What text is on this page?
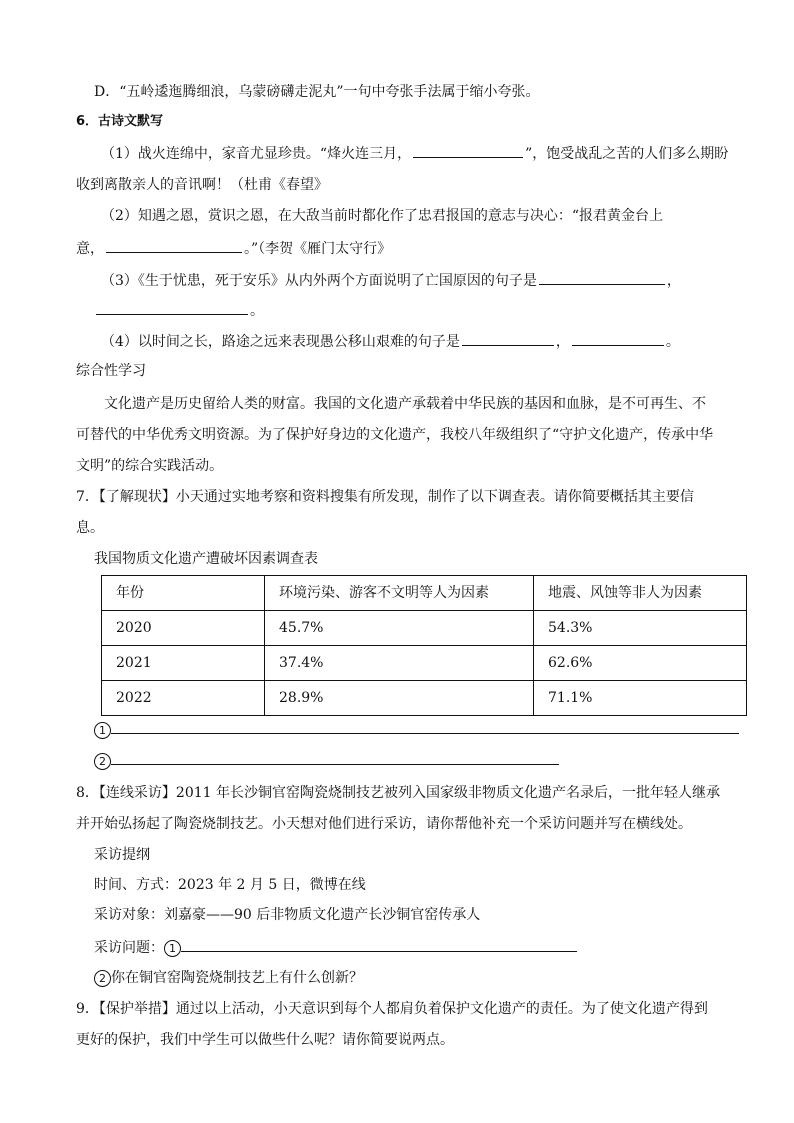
D．“五岭逶迤腾细浪，乌蒙磅礴走泥丸”一句中夸张手法属于缩小夸张。
6．古诗文默写
（1）战火连绵中，家音尤显珍贵。“烽火连三月，	”，饱受战乱之苦的人们多么期盼
收到离散亲人的音讯啊！（杜甫《春望》
（2）知遇之恩，赏识之恩，在大敌当前时都化作了忠君报国的意志与决心：“报君黄金台上
意，	。”（李贺《雁门太守行》
（3）《生于忧患，死于安乐》从内外两个方面说明了亡国原因的句子是	，
。
（4）以时间之长，路途之远来表现愚公移山艰难的句子是	，	。
综合性学习
文化遗产是历史留给人类的财富。我国的文化遗产承载着中华民族的基因和血脉，是不可再生、不
可替代的中华优秀文明资源。为了保护好身边的文化遗产，我校八年级组织了“守护文化遗产，传承中华
文明”的综合实践活动。
7．【了解现状】小天通过实地考察和资料搜集有所发现，制作了以下调查表。请你简要概括其主要信
息。
我国物质文化遗产遭破坏因素调查表
年份	环境污染、游客不文明等人为因素	地震、风蚀等非人为因素
2020	45.7%	54.3%
2021	37.4%	62.6%
2022	28.9%	71.1%
1
2
8．【连线采访】2011 年长沙铜官窑陶瓷烧制技艺被列入国家级非物质文化遗产名录后，一批年轻人继承
并开始弘扬起了陶瓷烧制技艺。小天想对他们进行采访，请你帮他补充一个采访问题并写在横线处。
采访提纲
时间、方式：2023 年 2 月 5 日，微博在线
采访对象：刘嘉豪——90 后非物质文化遗产长沙铜官窑传承人
采访问题： 1
2 你在铜官窑陶瓷烧制技艺上有什么创新？
9．【保护举措】通过以上活动，小天意识到每个人都肩负着保护文化遗产的责任。为了使文化遗产得到
更好的保护，我们中学生可以做些什么呢？请你简要说两点。
